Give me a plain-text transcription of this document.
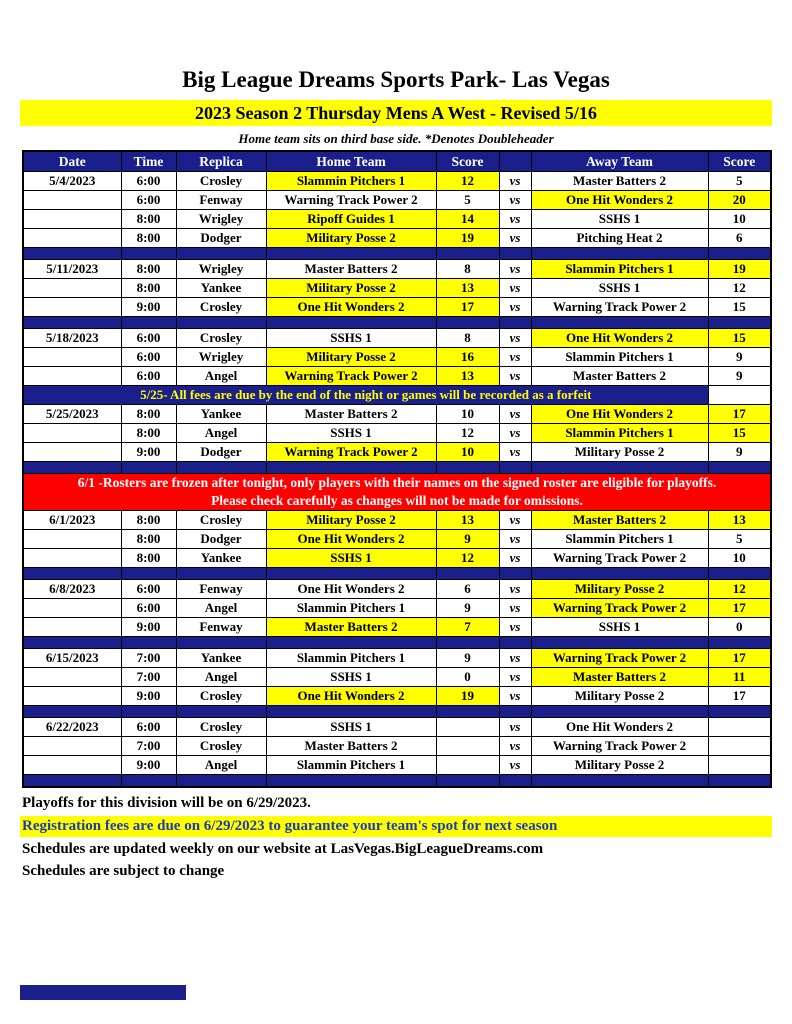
Big League Dreams Sports Park- Las Vegas
2023 Season 2 Thursday Mens A West - Revised 5/16
Home team sits on third base side. *Denotes Doubleheader
Date	Time	Replica	Home Team	Score		Away Team	Score
5/4/2023	6:00	Crosley	Slammin Pitchers 1	12	vs	Master Batters 2	5
	6:00	Fenway	Warning Track Power 2	5	vs	One Hit Wonders 2	20
	8:00	Wrigley	Ripoff Guides 1	14	vs	SSHS 1	10
	8:00	Dodger	Military Posse 2	19	vs	Pitching Heat 2	6

5/11/2023	8:00	Wrigley	Master Batters 2	8	vs	Slammin Pitchers 1	19
	8:00	Yankee	Military Posse 2	13	vs	SSHS 1	12
	9:00	Crosley	One Hit Wonders 2	17	vs	Warning Track Power 2	15

5/18/2023	6:00	Crosley	SSHS 1	8	vs	One Hit Wonders 2	15
	6:00	Wrigley	Military Posse 2	16	vs	Slammin Pitchers 1	9
	6:00	Angel	Warning Track Power 2	13	vs	Master Batters 2	9
5/25- All fees are due by the end of the night or games will be recorded as a forfeit							
5/25/2023	8:00	Yankee	Master Batters 2	10	vs	One Hit Wonders 2	17
	8:00	Angel	SSHS 1	12	vs	Slammin Pitchers 1	15
	9:00	Dodger	Warning Track Power 2	10	vs	Military Posse 2	9

6/1 -Rosters are frozen after tonight, only players with their names on the signed roster are eligible for playoffs.
Please check carefully as changes will not be made for omissions.							

6/1/2023	8:00	Crosley	Military Posse 2	13	vs	Master Batters 2	13
	8:00	Dodger	One Hit Wonders 2	9	vs	Slammin Pitchers 1	5
	8:00	Yankee	SSHS 1	12	vs	Warning Track Power 2	10

6/8/2023	6:00	Fenway	One Hit Wonders 2	6	vs	Military Posse 2	12
	6:00	Angel	Slammin Pitchers 1	9	vs	Warning Track Power 2	17
	9:00	Fenway	Master Batters 2	7	vs	SSHS 1	0

6/15/2023	7:00	Yankee	Slammin Pitchers 1	9	vs	Warning Track Power 2	17
	7:00	Angel	SSHS 1	0	vs	Master Batters 2	11
	9:00	Crosley	One Hit Wonders 2	19	vs	Military Posse 2	17

6/22/2023	6:00	Crosley	SSHS 1		vs	One Hit Wonders 2	
	7:00	Crosley	Master Batters 2		vs	Warning Track Power 2	
	9:00	Angel	Slammin Pitchers 1		vs	Military Posse 2	

Playoffs for this division will be on 6/29/2023.
Registration fees are due on 6/29/2023 to guarantee your team's spot for next season
Schedules are updated weekly on our website at LasVegas.BigLeagueDreams.com
Schedules are subject to change
